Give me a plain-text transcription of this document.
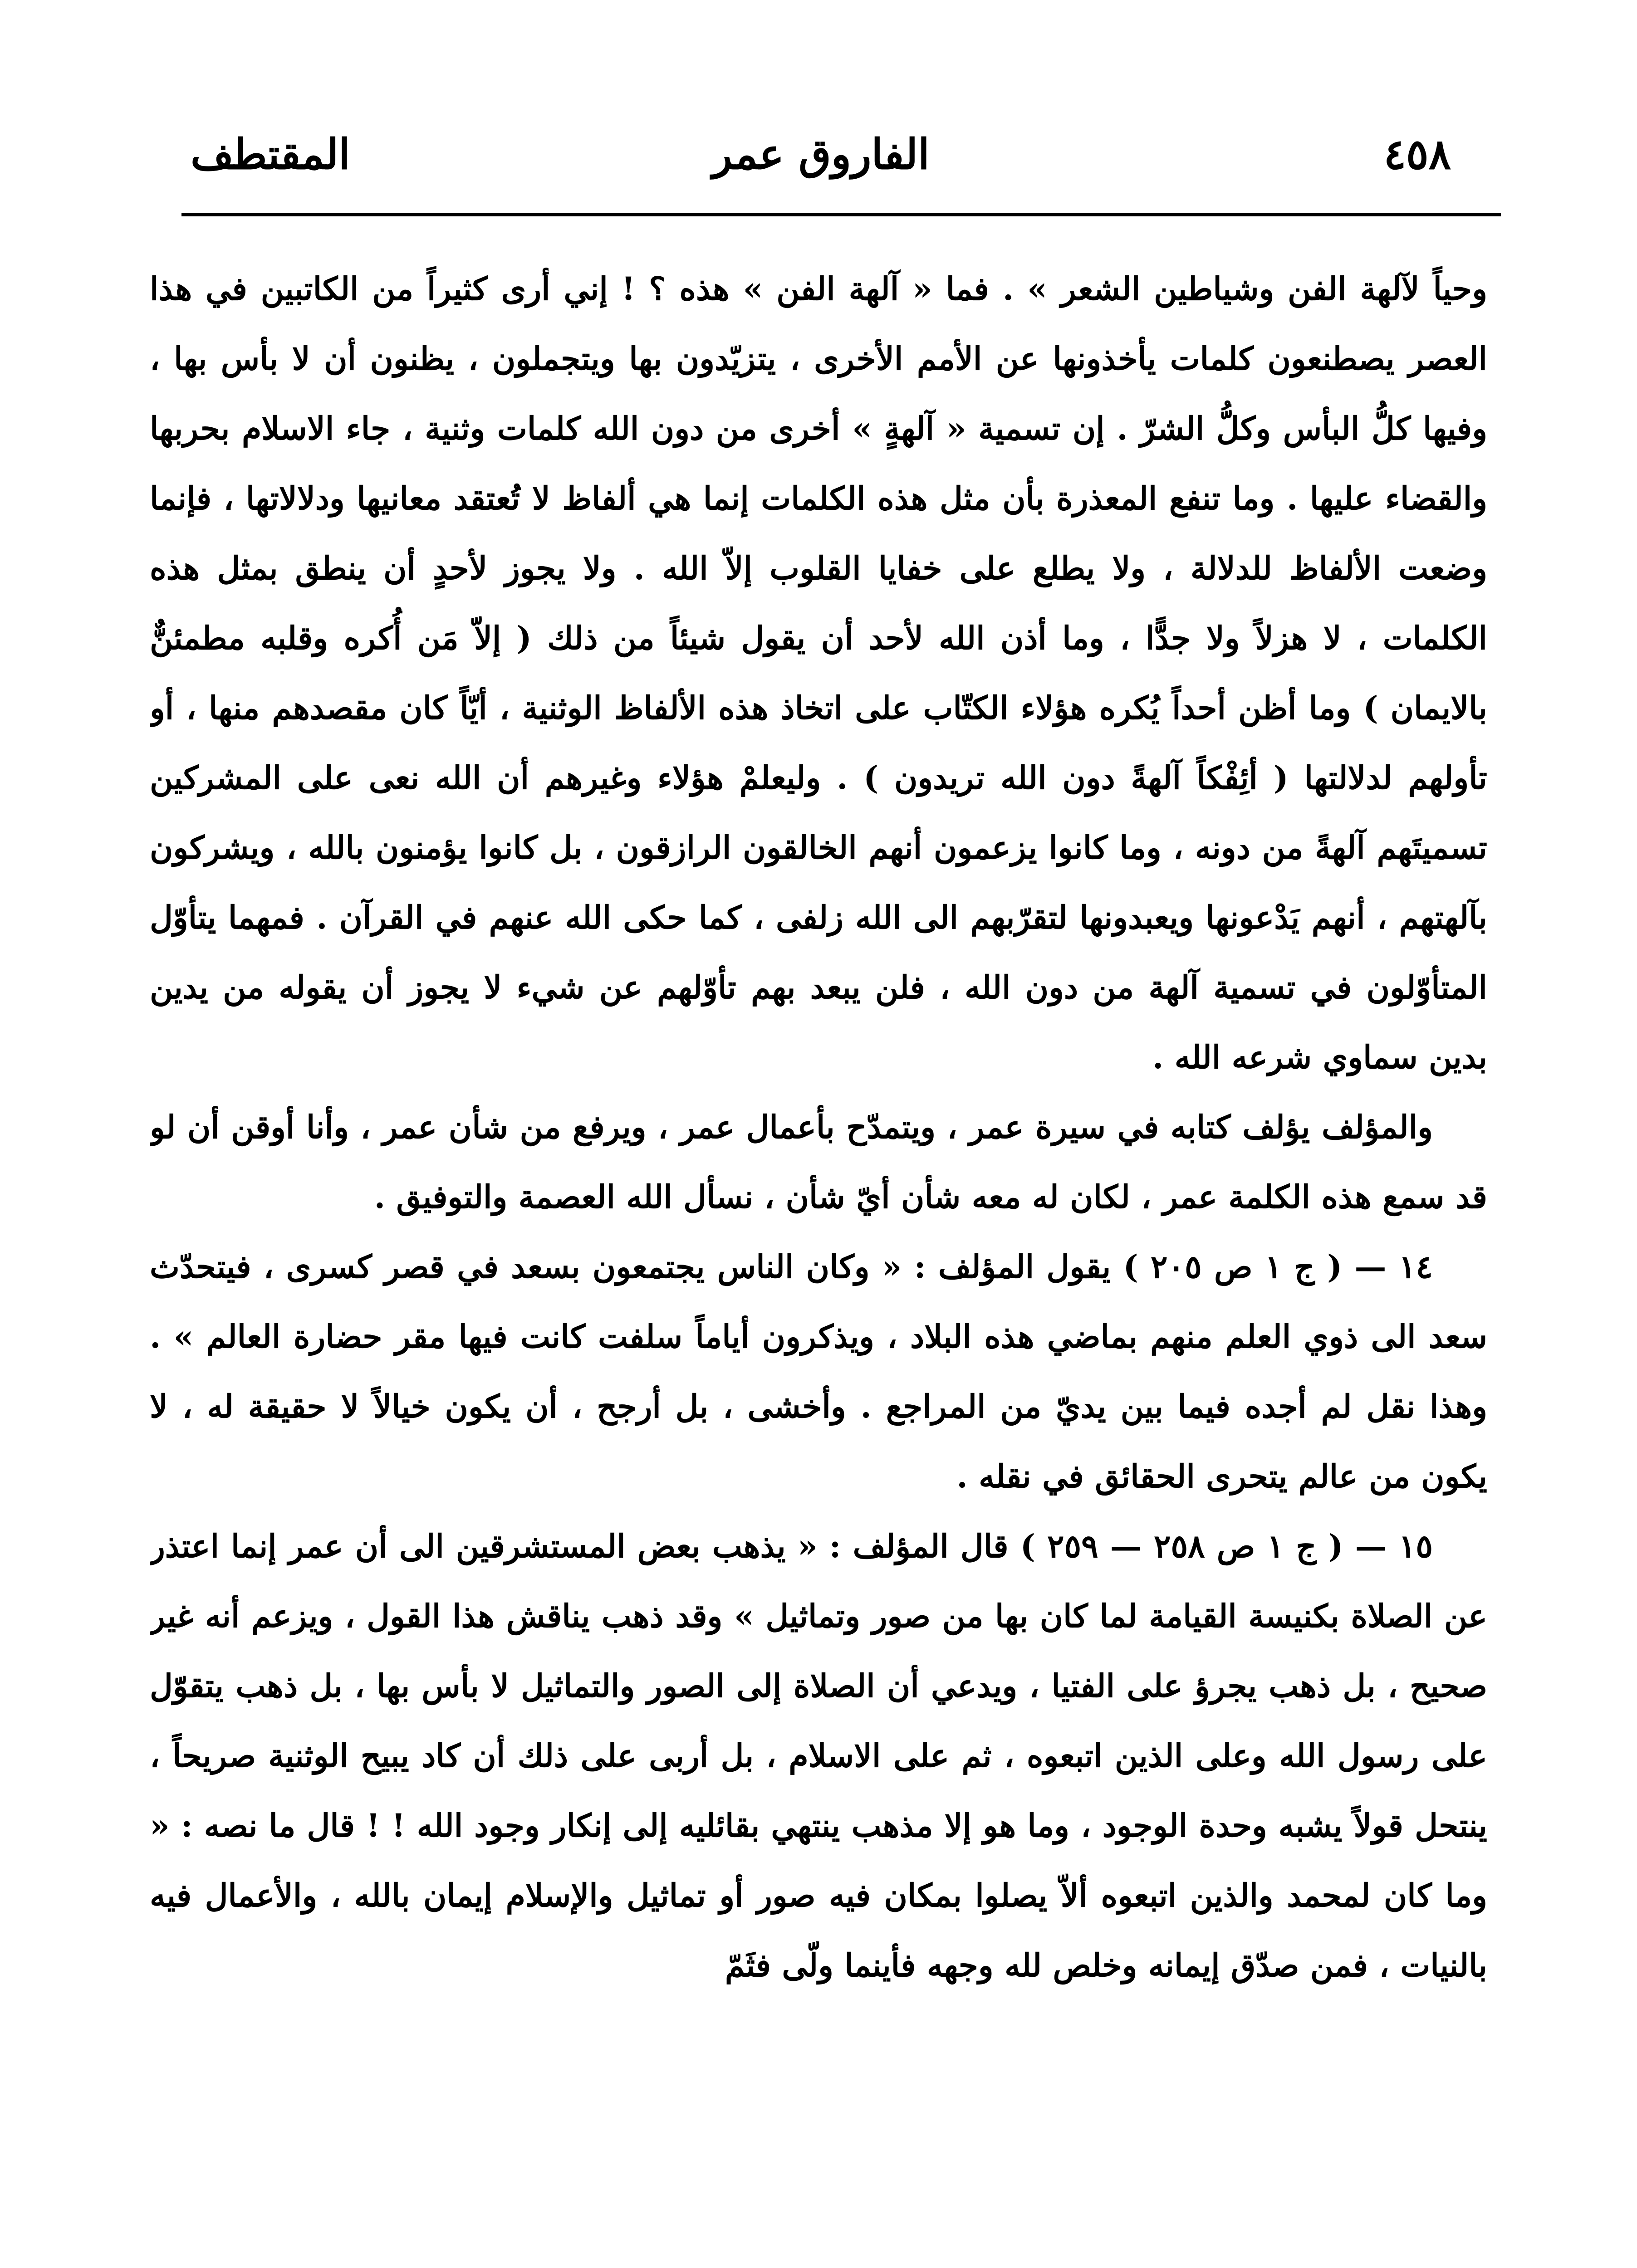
٤٥٨
الفاروق عمر
المقتطف

وحياً لآلهة الفن وشياطين الشعر » . فما « آلهة الفن » هذه ؟ ! إني أرى كثيراً من الكاتبين في هذا العصر يصطنعون كلمات يأخذونها عن الأمم الأخرى ، يتزيّدون بها ويتجملون ، يظنون أن لا بأس بها ، وفيها كلُّ البأس وكلُّ الشرّ . إن تسمية « آلهةٍ » أخرى من دون الله كلمات وثنية ، جاء الاسلام بحربها والقضاء عليها . وما تنفع المعذرة بأن مثل هذه الكلمات إنما هي ألفاظ لا تُعتقد معانيها ودلالاتها ، فإنما وضعت الألفاظ للدلالة ، ولا يطلع على خفايا القلوب إلاّ الله . ولا يجوز لأحدٍ أن ينطق بمثل هذه الكلمات ، لا هزلاً ولا جدًّا ، وما أذن الله لأحد أن يقول شيئاً من ذلك ( إلاّ مَن أُكره وقلبه مطمئنٌّ بالايمان ) وما أظن أحداً يُكره هؤلاء الكتّاب على اتخاذ هذه الألفاظ الوثنية ، أيّاً كان مقصدهم منها ، أو تأولهم لدلالتها ( أئِفْكاً آلهةً دون الله تريدون ) . وليعلمْ هؤلاء وغيرهم أن الله نعى على المشركين تسميتَهم آلهةً من دونه ، وما كانوا يزعمون أنهم الخالقون الرازقون ، بل كانوا يؤمنون بالله ، ويشركون بآلهتهم ، أنهم يَدْعونها ويعبدونها لتقرّبهم الى الله زلفى ، كما حكى الله عنهم في القرآن . فمهما يتأوّل المتأوّلون في تسمية آلهة من دون الله ، فلن يبعد بهم تأوّلهم عن شيء لا يجوز أن يقوله من يدين بدين سماوي شرعه الله .

والمؤلف يؤلف كتابه في سيرة عمر ، ويتمدّح بأعمال عمر ، ويرفع من شأن عمر ، وأنا أوقن أن لو قد سمع هذه الكلمة عمر ، لكان له معه شأن أيّ شأن ، نسأل الله العصمة والتوفيق .

١٤ — ( ج ١ ص ٢٠٥ ) يقول المؤلف : « وكان الناس يجتمعون بسعد في قصر كسرى ، فيتحدّث سعد الى ذوي العلم منهم بماضي هذه البلاد ، ويذكرون أياماً سلفت كانت فيها مقر حضارة العالم » . وهذا نقل لم أجده فيما بين يديّ من المراجع . وأخشى ، بل أرجح ، أن يكون خيالاً لا حقيقة له ، لا يكون من عالم يتحرى الحقائق في نقله .

١٥ — ( ج ١ ص ٢٥٨ — ٢٥٩ ) قال المؤلف : « يذهب بعض المستشرقين الى أن عمر إنما اعتذر عن الصلاة بكنيسة القيامة لما كان بها من صور وتماثيل » وقد ذهب يناقش هذا القول ، ويزعم أنه غير صحيح ، بل ذهب يجرؤ على الفتيا ، ويدعي أن الصلاة إلى الصور والتماثيل لا بأس بها ، بل ذهب يتقوّل على رسول الله وعلى الذين اتبعوه ، ثم على الاسلام ، بل أربى على ذلك أن كاد يبيح الوثنية صريحاً ، ينتحل قولاً يشبه وحدة الوجود ، وما هو إلا مذهب ينتهي بقائليه إلى إنكار وجود الله ! ! قال ما نصه : « وما كان لمحمد والذين اتبعوه ألاّ يصلوا بمكان فيه صور أو تماثيل والإسلام إيمان بالله ، والأعمال فيه بالنيات ، فمن صدّق إيمانه وخلص لله وجهه فأينما ولّى فثَمّ
